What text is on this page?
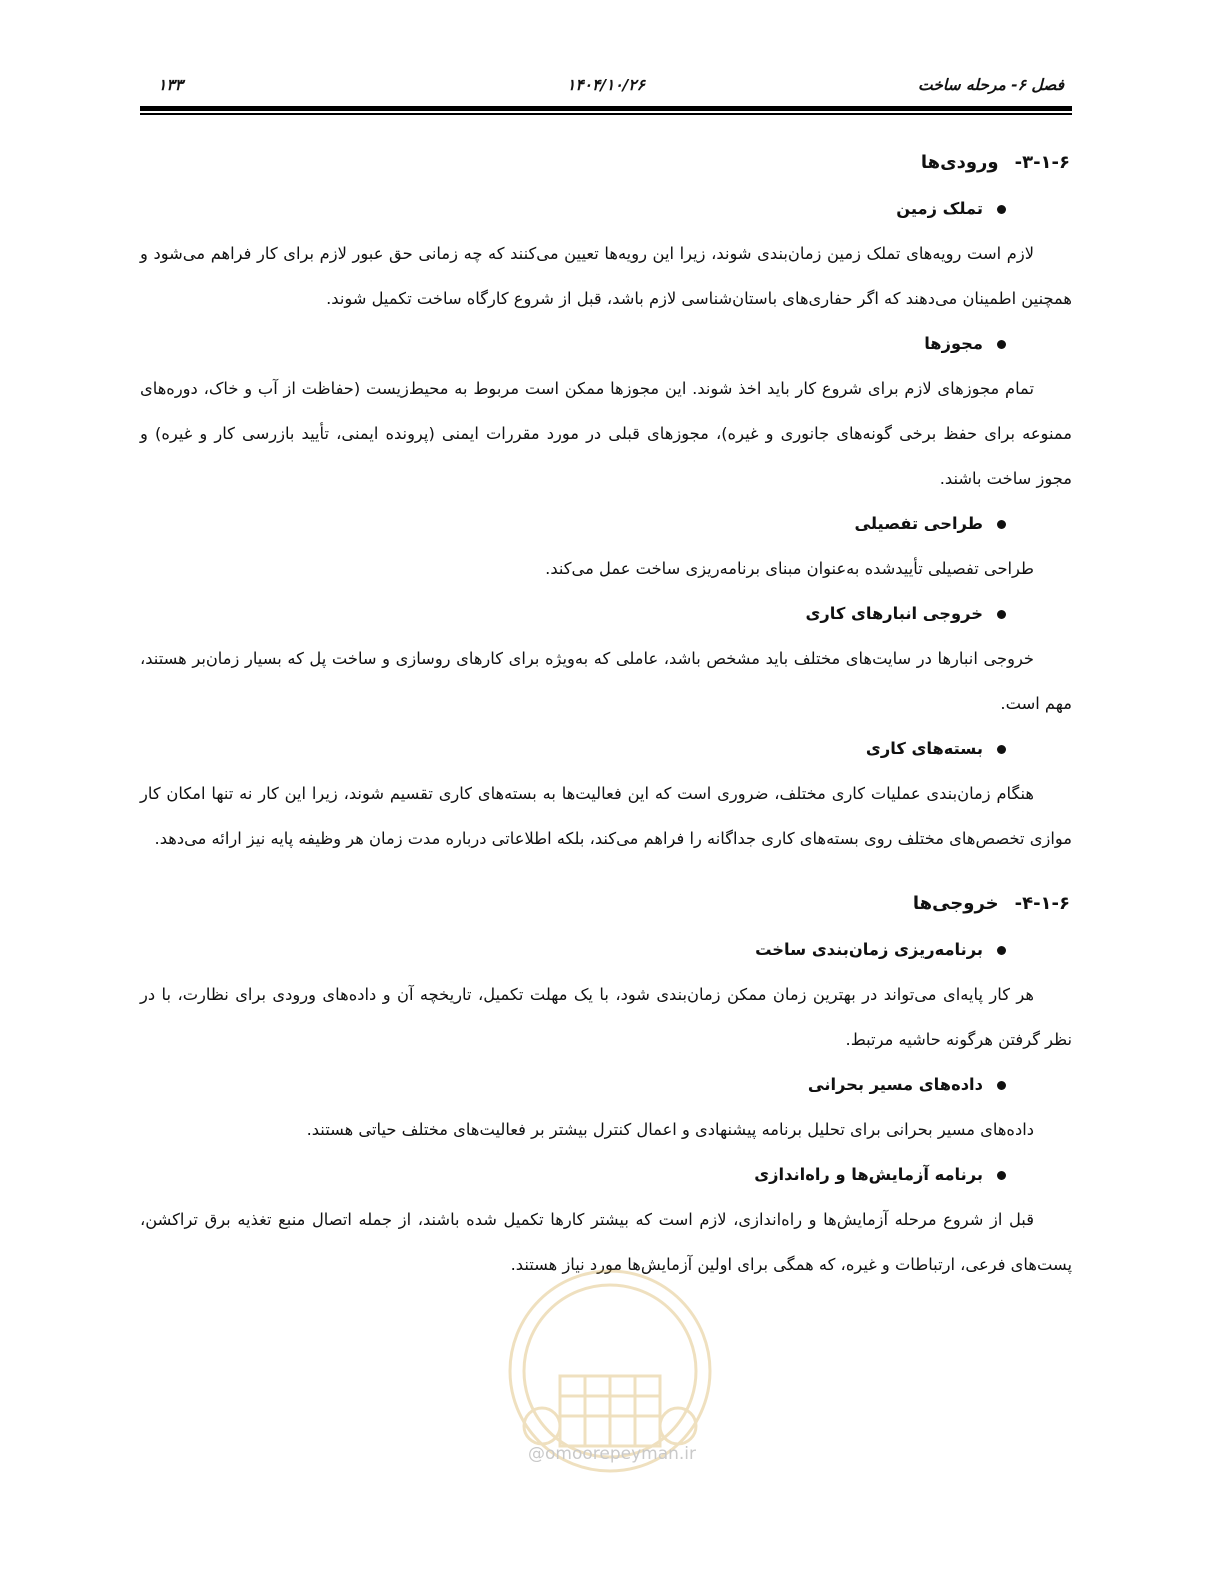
۱۳۳	۱۴۰۴/۱۰/۲۶	فصل ۶- مرحله ساخت
۳-۱-۶-ورودی‌ها
تملک زمین

لازم است رویه‌های تملک زمین زمان‌بندی شوند، زیرا این رویه‌ها تعیین می‌کنند که چه زمانی حق عبور لازم برای کار فراهم می‌شود و همچنین اطمینان می‌دهند که اگر حفاری‌های باستان‌شناسی لازم باشد، قبل از شروع کارگاه ساخت تکمیل شوند.

مجوزها

تمام مجوزهای لازم برای شروع کار باید اخذ شوند. این مجوزها ممکن است مربوط به محیط‌زیست (حفاظت از آب و خاک، دوره‌های ممنوعه برای حفظ برخی گونه‌های جانوری و غیره)، مجوزهای قبلی در مورد مقررات ایمنی (پرونده ایمنی، تأیید بازرسی کار و غیره) و مجوز ساخت باشند.

طراحی تفصیلی

طراحی تفصیلی تأییدشده به‌عنوان مبنای برنامه‌ریزی ساخت عمل می‌کند.

خروجی انبارهای کاری

خروجی انبارها در سایت‌های مختلف باید مشخص باشد، عاملی که به‌ویژه برای کارهای روسازی و ساخت پل که بسیار زمان‌بر هستند، مهم است.

بسته‌های کاری

هنگام زمان‌بندی عملیات کاری مختلف، ضروری است که این فعالیت‌ها به بسته‌های کاری تقسیم شوند، زیرا این کار نه تنها امکان کار موازی تخصص‌های مختلف روی بسته‌های کاری جداگانه را فراهم می‌کند، بلکه اطلاعاتی درباره مدت زمان هر وظیفه پایه نیز ارائه می‌دهد.

۴-۱-۶-خروجی‌ها
برنامه‌ریزی زمان‌بندی ساخت

هر کار پایه‌ای می‌تواند در بهترین زمان ممکن زمان‌بندی شود، با یک مهلت تکمیل، تاریخچه آن و داده‌های ورودی برای نظارت، با در نظر گرفتن هرگونه حاشیه مرتبط.

داده‌های مسیر بحرانی

داده‌های مسیر بحرانی برای تحلیل برنامه پیشنهادی و اعمال کنترل بیشتر بر فعالیت‌های مختلف حیاتی هستند.

برنامه آزمایش‌ها و راه‌اندازی

قبل از شروع مرحله آزمایش‌ها و راه‌اندازی، لازم است که بیشتر کارها تکمیل شده باشند، از جمله اتصال منبع تغذیه برق تراکشن، پست‌های فرعی، ارتباطات و غیره، که همگی برای اولین آزمایش‌ها مورد نیاز هستند.

@omoorepeyman.ir
